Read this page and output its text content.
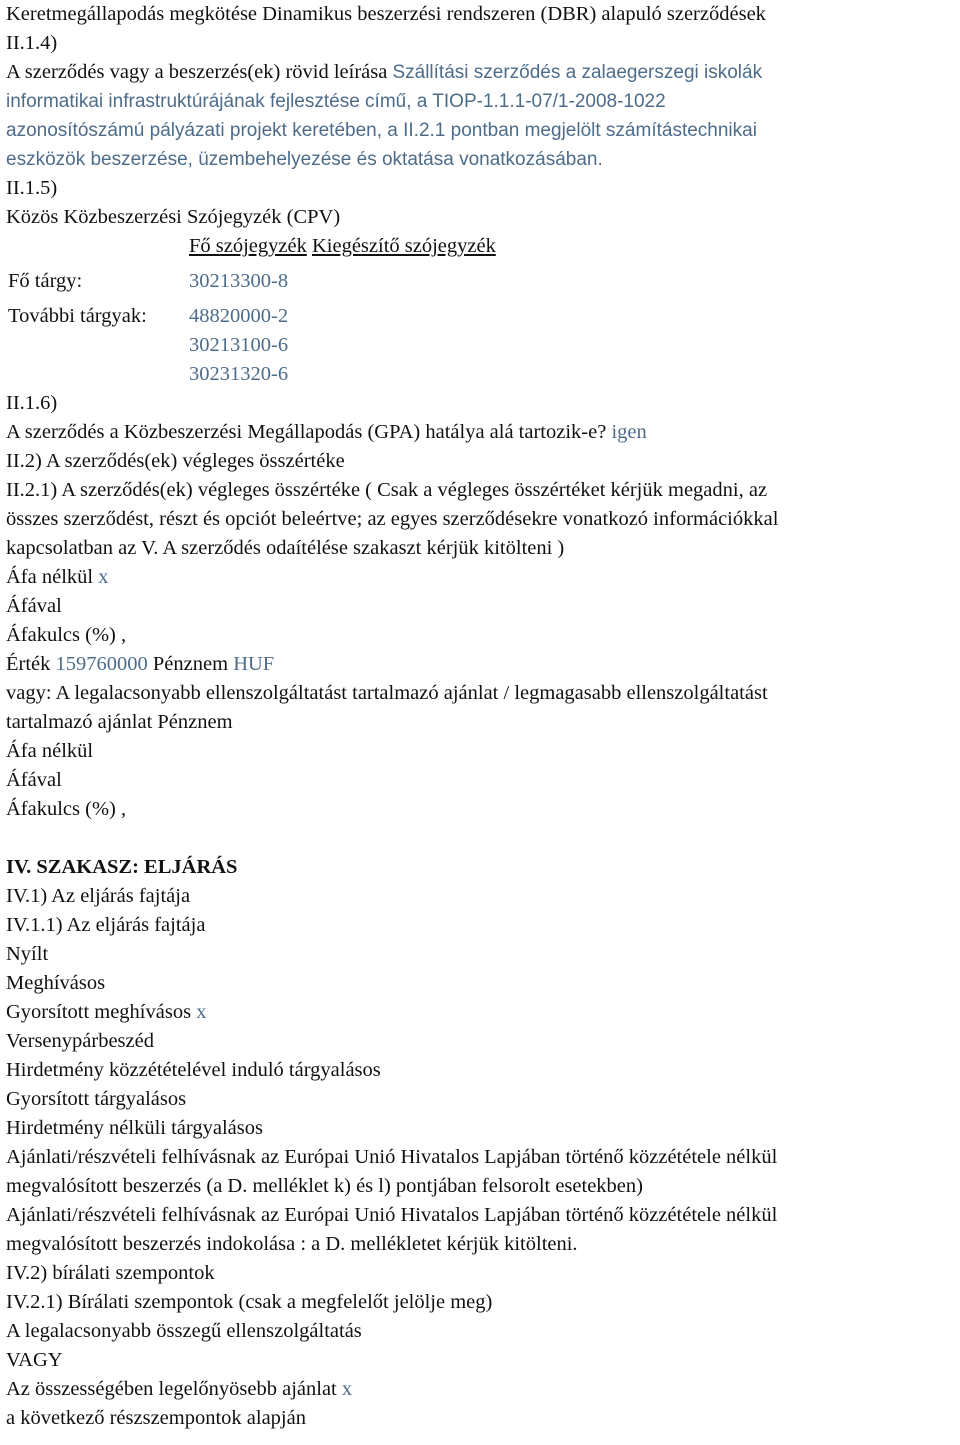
Keretmegállapodás megkötése Dinamikus beszerzési rendszeren (DBR) alapuló szerződések

II.1.4)

A szerződés vagy a beszerzés(ek) rövid leírása Szállítási szerződés a zalaegerszegi iskolák

informatikai infrastruktúrájának fejlesztése című, a TIOP-1.1.1-07/1-2008-1022

azonosítószámú pályázati projekt keretében, a II.2.1 pontban megjelölt számítástechnikai

eszközök beszerzése, üzembehelyezése és oktatása vonatkozásában.

II.1.5)

Közös Közbeszerzési Szójegyzék (CPV)

	Fő szójegyzék Kiegészítő szójegyzék
Fő tárgy:	30213300-8
További tárgyak:	48820000-2
30213100-6
30231320-6

II.1.6)

A szerződés a Közbeszerzési Megállapodás (GPA) hatálya alá tartozik-e? igen

II.2) A szerződés(ek) végleges összértéke

II.2.1) A szerződés(ek) végleges összértéke ( Csak a végleges összértéket kérjük megadni, az

összes szerződést, részt és opciót beleértve; az egyes szerződésekre vonatkozó információkkal

kapcsolatban az V. A szerződés odaítélése szakaszt kérjük kitölteni )

Áfa nélkül x

Áfával

Áfakulcs (%) ,

Érték 159760000 Pénznem HUF

vagy: A legalacsonyabb ellenszolgáltatást tartalmazó ajánlat / legmagasabb ellenszolgáltatást

tartalmazó ajánlat Pénznem

Áfa nélkül

Áfával

Áfakulcs (%) ,

IV. SZAKASZ: ELJÁRÁS

IV.1) Az eljárás fajtája

IV.1.1) Az eljárás fajtája

Nyílt

Meghívásos

Gyorsított meghívásos x

Versenypárbeszéd

Hirdetmény közzétételével induló tárgyalásos

Gyorsított tárgyalásos

Hirdetmény nélküli tárgyalásos

Ajánlati/részvételi felhívásnak az Európai Unió Hivatalos Lapjában történő közzététele nélkül

megvalósított beszerzés (a D. melléklet k) és l) pontjában felsorolt esetekben)

Ajánlati/részvételi felhívásnak az Európai Unió Hivatalos Lapjában történő közzététele nélkül

megvalósított beszerzés indokolása : a D. mellékletet kérjük kitölteni.

IV.2) bírálati szempontok

IV.2.1) Bírálati szempontok (csak a megfelelőt jelölje meg)

A legalacsonyabb összegű ellenszolgáltatás

VAGY

Az összességében legelőnyösebb ajánlat x

a következő részszempontok alapján
